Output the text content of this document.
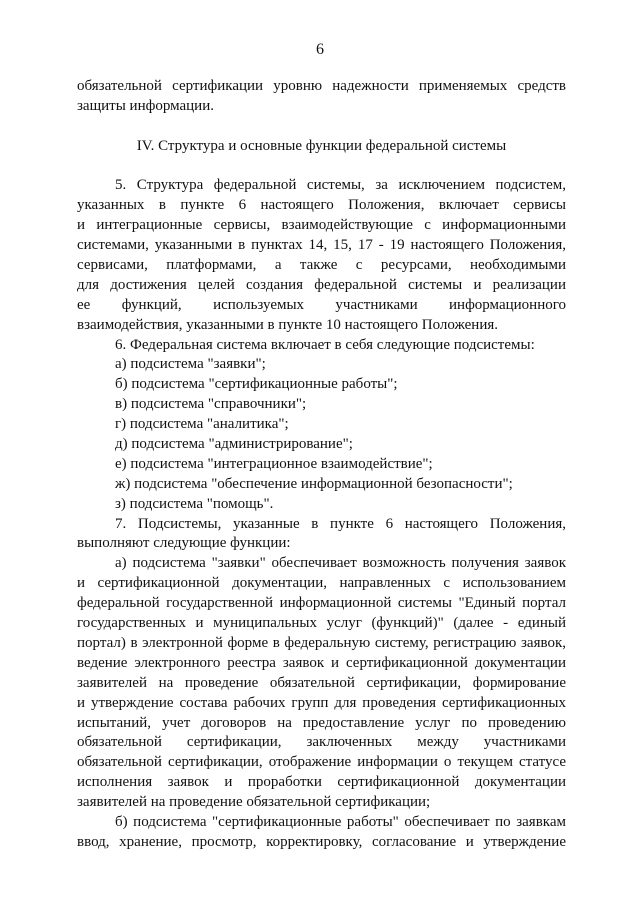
6
обязательной сертификации уровню надежности применяемых средств
защиты информации.
IV. Структура и основные функции федеральной системы
5. Структура федеральной системы, за исключением подсистем,
указанных в пункте 6 настоящего Положения, включает сервисы
и интеграционные сервисы, взаимодействующие с информационными
системами, указанными в пунктах 14, 15, 17 - 19 настоящего Положения,
сервисами, платформами, а также с ресурсами, необходимыми
для достижения целей создания федеральной системы и реализации
ее функций, используемых участниками информационного
взаимодействия, указанными в пункте 10 настоящего Положения.
6. Федеральная система включает в себя следующие подсистемы:
а) подсистема "заявки";
б) подсистема "сертификационные работы";
в) подсистема "справочники";
г) подсистема "аналитика";
д) подсистема "администрирование";
е) подсистема "интеграционное взаимодействие";
ж) подсистема "обеспечение информационной безопасности";
з) подсистема "помощь".
7. Подсистемы, указанные в пункте 6 настоящего Положения,
выполняют следующие функции:
а) подсистема "заявки" обеспечивает возможность получения заявок
и сертификационной документации, направленных с использованием
федеральной государственной информационной системы "Единый портал
государственных и муниципальных услуг (функций)" (далее - единый
портал) в электронной форме в федеральную систему, регистрацию заявок,
ведение электронного реестра заявок и сертификационной документации
заявителей на проведение обязательной сертификации, формирование
и утверждение состава рабочих групп для проведения сертификационных
испытаний, учет договоров на предоставление услуг по проведению
обязательной сертификации, заключенных между участниками
обязательной сертификации, отображение информации о текущем статусе
исполнения заявок и проработки сертификационной документации
заявителей на проведение обязательной сертификации;
б) подсистема "сертификационные работы" обеспечивает по заявкам
ввод, хранение, просмотр, корректировку, согласование и утверждение
